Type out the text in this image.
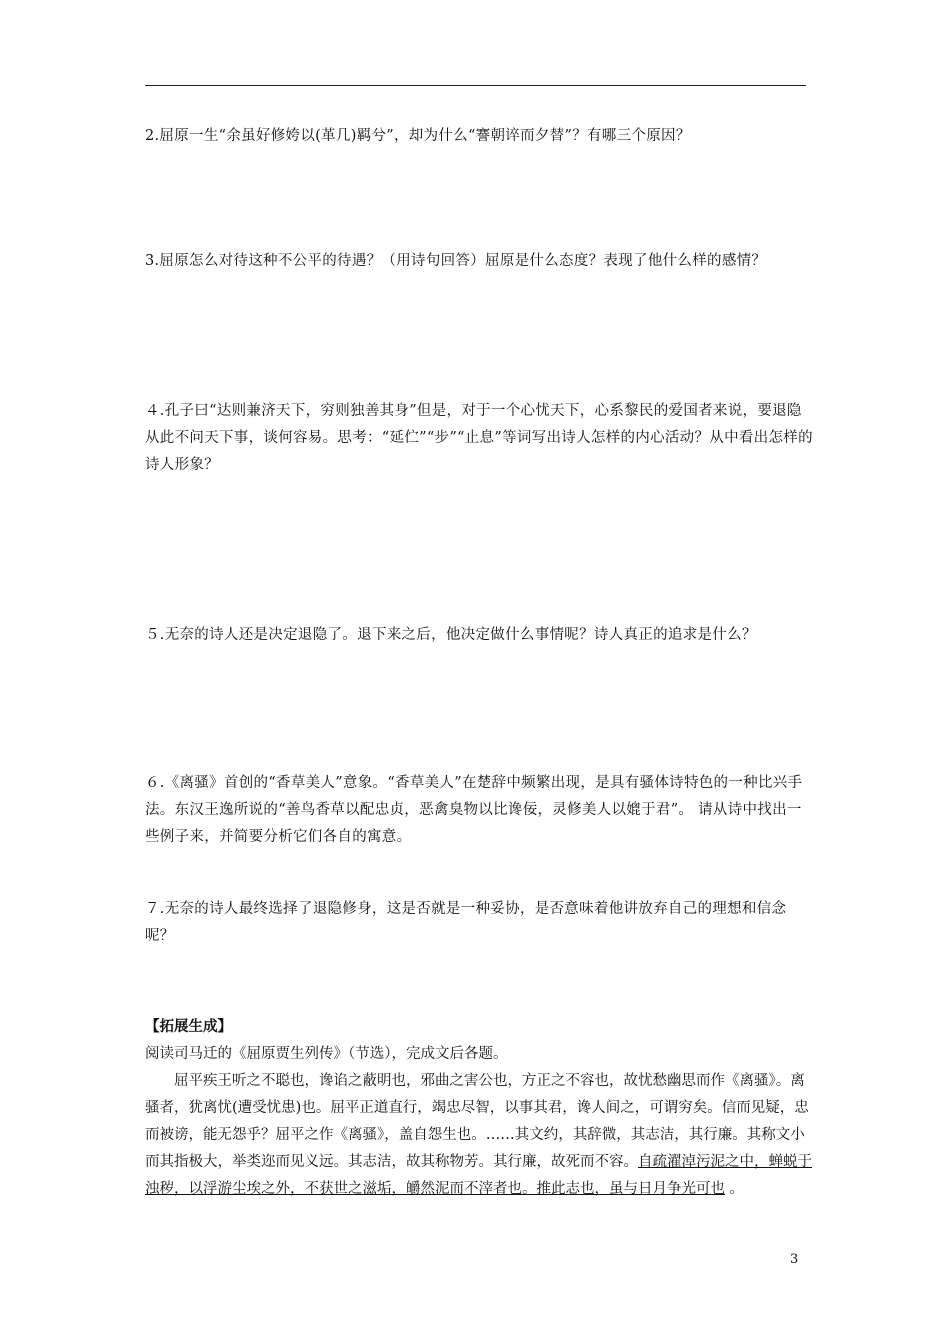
2.屈原一生“余虽好修姱以(革几)羁兮”，却为什么“謇朝谇而夕替”？有哪三个原因？
3.屈原怎么对待这种不公平的待遇？（用诗句回答）屈原是什么态度？表现了他什么样的感情？
４.孔子曰“达则兼济天下，穷则独善其身”但是，对于一个心忧天下，心系黎民的爱国者来说，要退隐从此不问天下事，谈何容易。思考：“延伫”“步”“止息”等词写出诗人怎样的内心活动？从中看出怎样的诗人形象？
５.无奈的诗人还是决定退隐了。退下来之后，他决定做什么事情呢？诗人真正的追求是什么？
６.《离骚》首创的“香草美人”意象。“香草美人”在楚辞中频繁出现，是具有骚体诗特色的一种比兴手法。东汉王逸所说的“善鸟香草以配忠贞，恶禽臭物以比谗佞，灵修美人以媲于君”。 请从诗中找出一些例子来，并简要分析它们各自的寓意。
７.无奈的诗人最终选择了退隐修身，这是否就是一种妥协，是否意味着他讲放弃自己的理想和信念呢？
【拓展生成】
阅读司马迁的《屈原贾生列传》（节选），完成文后各题。
屈平疾王听之不聪也，谗谄之蔽明也，邪曲之害公也，方正之不容也，故忧愁幽思而作《离骚》。离骚者，犹离忧(遭受忧患)也。屈平正道直行，竭忠尽智，以事其君，谗人间之，可谓穷矣。信而见疑，忠而被谤，能无怨乎？屈平之作《离骚》，盖自怨生也。……其文约，其辞微，其志洁，其行廉。其称文小而其指极大，举类迩而见义远。其志洁，故其称物芳。其行廉，故死而不容。自疏濯淖污泥之中，蝉蜕于浊秽，以浮游尘埃之外，不获世之滋垢，皭然泥而不滓者也。推此志也，虽与日月争光可也 。
3
